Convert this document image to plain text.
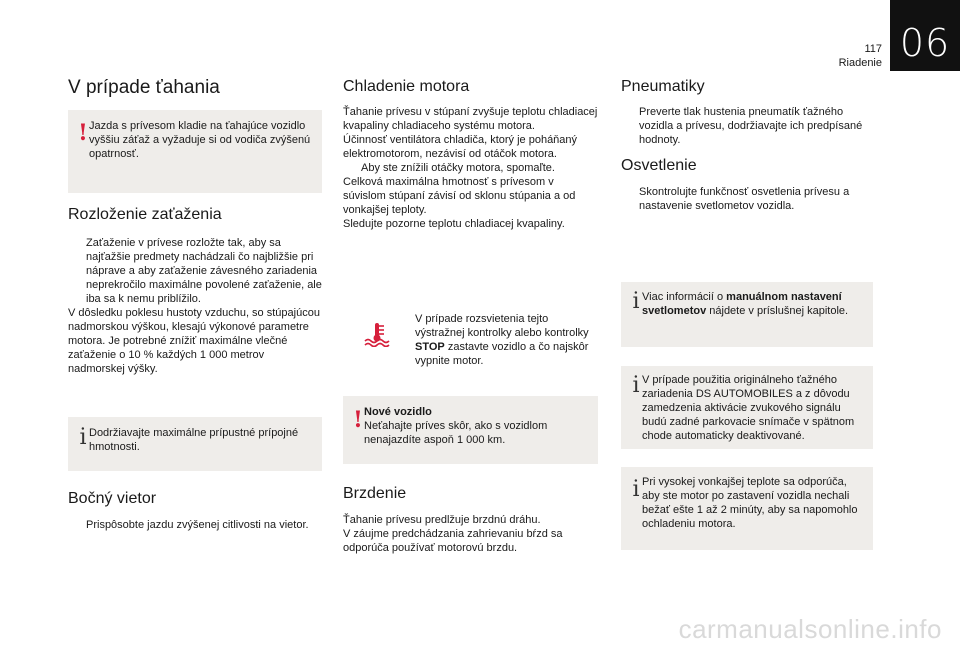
117
Riadenie 06
V prípade ťahania
! Jazda s prívesom kladie na ťahajúce vozidlo vyššiu záťaž a vyžaduje si od vodiča zvýšenú opatrnosť.
Rozloženie zaťaženia
Zaťaženie v prívese rozložte tak, aby sa najťažšie predmety nachádzali čo najbližšie pri náprave a aby zaťaženie závesného zariadenia neprekročilo maximálne povolené zaťaženie, ale iba sa k nemu priblížilo.
V dôsledku poklesu hustoty vzduchu, so stúpajúcou nadmorskou výškou, klesajú výkonové parametre motora. Je potrebné znížiť maximálne vlečné zaťaženie o 10 % každých 1 000 metrov nadmorskej výšky.
i Dodržiavajte maximálne prípustné prípojné hmotnosti.
Bočný vietor
Prispôsobte jazdu zvýšenej citlivosti na vietor.
Chladenie motora
Ťahanie prívesu v stúpaní zvyšuje teplotu chladiacej kvapaliny chladiaceho systému motora.
Účinnosť ventilátora chladiča, ktorý je poháňaný elektromotorom, nezávisí od otáčok motora.
Aby ste znížili otáčky motora, spomaľte.
Celková maximálna hmotnosť s prívesom v súvislom stúpaní závisí od sklonu stúpania a od vonkajšej teploty.
Sledujte pozorne teplotu chladiacej kvapaliny.
V prípade rozsvietenia tejto výstražnej kontrolky alebo kontrolky STOP zastavte vozidlo a čo najskôr vypnite motor.
! Nové vozidlo
Neťahajte príves skôr, ako s vozidlom nenajazdíte aspoň 1 000 km.
Brzdenie
Ťahanie prívesu predlžuje brzdnú dráhu.
V záujme predchádzania zahrievaniu bŕzd sa odporúča používať motorovú brzdu.
Pneumatiky
Preverte tlak hustenia pneumatík ťažného vozidla a prívesu, dodržiavajte ich predpísané hodnoty.
Osvetlenie
Skontrolujte funkčnosť osvetlenia prívesu a nastavenie svetlometov vozidla.
i Viac informácií o manuálnom nastavení svetlometov nájdete v príslušnej kapitole.
i V prípade použitia originálneho ťažného zariadenia DS AUTOMOBILES a z dôvodu zamedzenia aktivácie zvukového signálu budú zadné parkovacie snímače v spätnom chode automaticky deaktivované.
i Pri vysokej vonkajšej teplote sa odporúča, aby ste motor po zastavení vozidla nechali bežať ešte 1 až 2 minúty, aby sa napomohlo ochladeniu motora.
carmanualsonline.info
